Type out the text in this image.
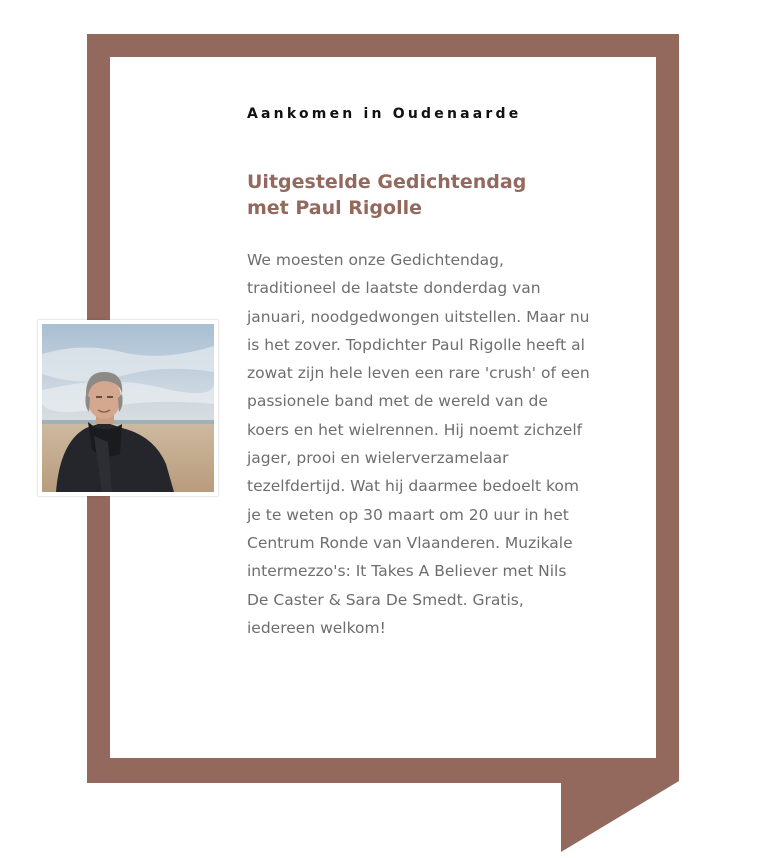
Aankomen in Oudenaarde

Uitgestelde Gedichtendag met Paul Rigolle

We moesten onze Gedichtendag, traditioneel de laatste donderdag van januari, noodgedwongen uitstellen. Maar nu is het zover. Topdichter Paul Rigolle heeft al zowat zijn hele leven een rare 'crush' of een passionele band met de wereld van de koers en het wielrennen. Hij noemt zichzelf jager, prooi en wielerverzamelaar tezelfdertijd. Wat hij daarmee bedoelt kom je te weten op 30 maart om 20 uur in het Centrum Ronde van Vlaanderen. Muzikale intermezzo's: It Takes A Believer met Nils De Caster & Sara De Smedt. Gratis, iedereen welkom!
